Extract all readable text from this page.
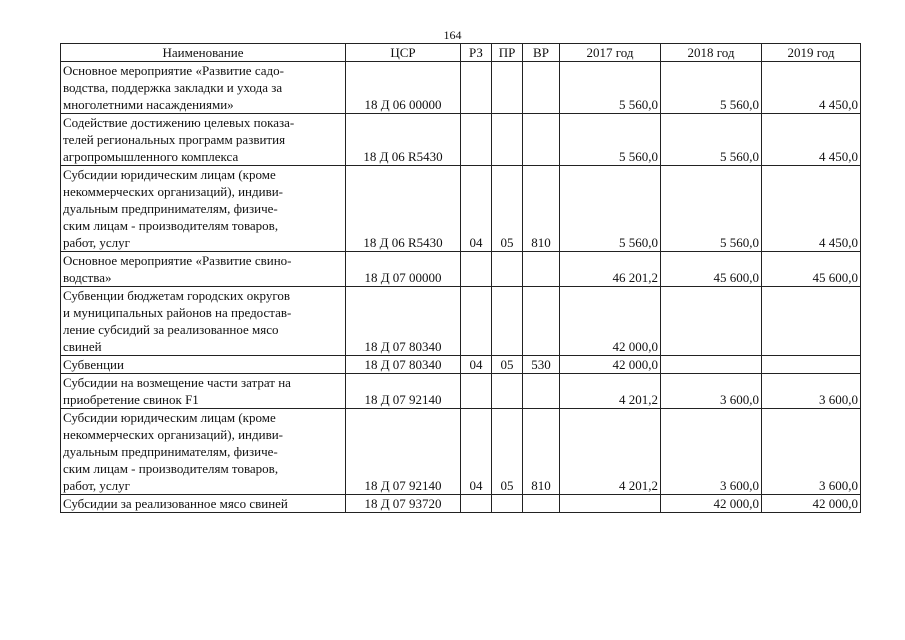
164
Наименование	ЦСР	РЗ	ПР	ВР	2017 год	2018 год	2019 год

Основное мероприятие «Развитие садо-
водства, поддержка закладки и ухода за
многолетними насаждениями»	18 Д 06 00000				5 560,0	5 560,0	4 450,0

Содействие достижению целевых показа-
телей региональных программ развития
агропромышленного комплекса	18 Д 06 R5430				5 560,0	5 560,0	4 450,0

Субсидии юридическим лицам (кроме
некоммерческих организаций), индиви-
дуальным предпринимателям, физиче-
ским лицам - производителям товаров,
работ, услуг	18 Д 06 R5430	04	05	810	5 560,0	5 560,0	4 450,0

Основное мероприятие «Развитие свино-
водства»	18 Д 07 00000				46 201,2	45 600,0	45 600,0

Субвенции бюджетам городских округов
и муниципальных районов на предостав-
ление субсидий за реализованное мясо
свиней	18 Д 07 80340				42 000,0		

Субвенции	18 Д 07 80340	04	05	530	42 000,0		

Субсидии на возмещение части затрат на
приобретение свинок F1	18 Д 07 92140				4 201,2	3 600,0	3 600,0

Субсидии юридическим лицам (кроме
некоммерческих организаций), индиви-
дуальным предпринимателям, физиче-
ским лицам - производителям товаров,
работ, услуг	18 Д 07 92140	04	05	810	4 201,2	3 600,0	3 600,0

Субсидии за реализованное мясо свиней	18 Д 07 93720					42 000,0	42 000,0
